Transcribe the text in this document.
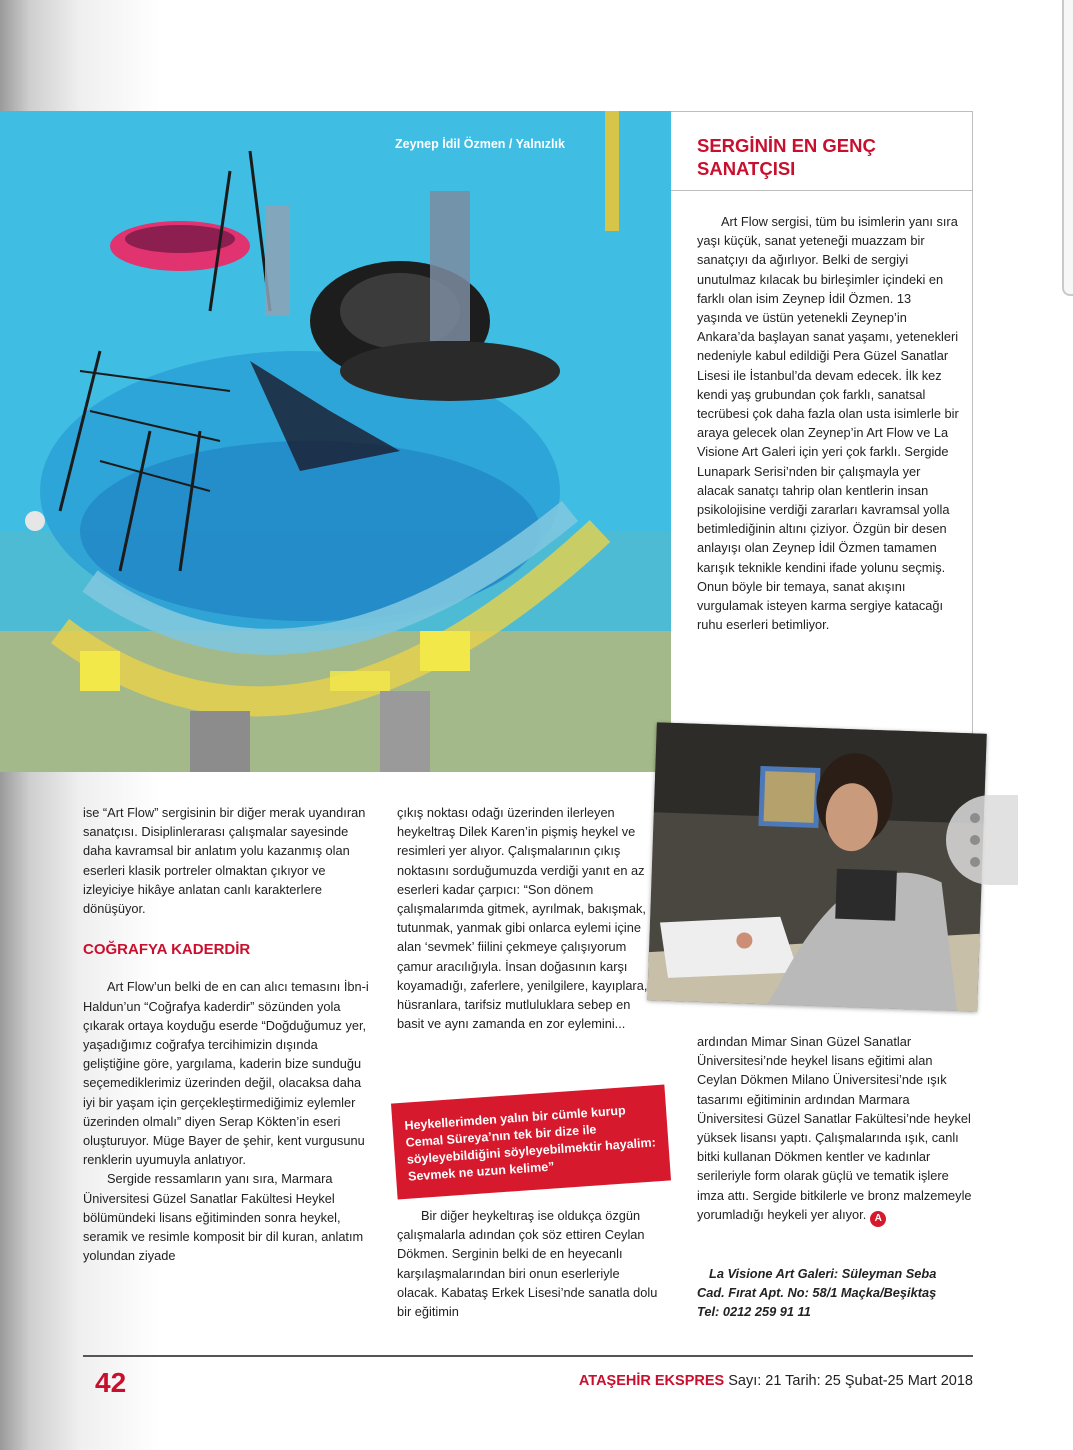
Zeynep İdil Özmen / Yalnızlık	SERGİNİN EN GENÇ SANATÇISI
Art Flow sergisi, tüm bu isimlerin yanı sıra yaşı küçük, sanat yeteneği muazzam bir sanatçıyı da ağırlıyor. Belki de sergiyi unutulmaz kılacak bu birleşimler içindeki en farklı olan isim Zeynep İdil Özmen. 13 yaşında ve üstün yetenekli Zeynep’in Ankara’da başlayan sanat yaşamı, yetenekleri nedeniyle kabul edildiği Pera Güzel Sanatlar Lisesi ile İstanbul’da devam edecek. İlk kez kendi yaş grubundan çok farklı, sanatsal tecrübesi çok daha fazla olan usta isimlerle bir araya gelecek olan Zeynep’in Art Flow ve La Visione Art Galeri için yeri çok farklı. Sergide Lunapark Serisi’nden bir çalışmayla yer alacak sanatçı tahrip olan kentlerin insan psikolojisine verdiği zararları kavramsal yolla betimlediğinin altını çiziyor. Özgün bir desen anlayışı olan Zeynep İdil Özmen tamamen karışık teknikle kendini ifade yolunu seçmiş. Onun böyle bir temaya, sanat akışını vurgulamak isteyen karma sergiye katacağı ruhu eserleri betimliyor.

ise “Art Flow” sergisinin bir diğer merak uyandıran sanatçısı. Disiplinlerarası çalışmalar sayesinde daha kavramsal bir anlatım yolu kazanmış olan eserleri klasik portreler olmaktan çıkıyor ve izleyiciye hikâye anlatan canlı karakterlere dönüşüyor.

COĞRAFYA KADERDİR

Art Flow’un belki de en can alıcı temasını İbn-i Haldun’un “Coğrafya kaderdir” sözünden yola çıkarak ortaya koyduğu eserde “Doğduğumuz yer, yaşadığımız coğrafya tercihimizin dışında geliştiğine göre, yargılama, kaderin bize sunduğu seçemediklerimiz üzerinden değil, olacaksa daha iyi bir yaşam için gerçekleştirmediğimiz eylemler üzerinden olmalı” diyen Serap Kökten’in eseri oluşturuyor. Müge Bayer de şehir, kent vurgusunu renklerin uyumuyla anlatıyor.

Sergide ressamların yanı sıra, Marmara Üniversitesi Güzel Sanatlar Fakültesi Heykel bölümündeki lisans eğitiminden sonra heykel, seramik ve resimle komposit bir dil kuran, anlatım yolundan ziyade

çıkış noktası odağı üzerinden ilerleyen heykeltraş Dilek Karen’in pişmiş heykel ve resimleri yer alıyor. Çalışmalarının çıkış noktasını sorduğumuzda verdiği yanıt en az eserleri kadar çarpıcı: “Son dönem çalışmalarımda gitmek, ayrılmak, bakışmak, tutunmak, yanmak gibi onlarca eylemi içine alan ‘sevmek’ fiilini çekmeye çalışıyorum çamur aracılığıyla. İnsan doğasının karşı koyamadığı, zaferlere, yenilgilere, kayıplara, hüsranlara, tarifsiz mutluluklara sebep en basit ve aynı zamanda en zor eylemini...

Heykellerimden yalın bir cümle kurup Cemal Süreya’nın tek bir dize ile söyleyebildiğini söyleyebilmektir hayalim: Sevmek ne uzun kelime”

Bir diğer heykeltıraş ise oldukça özgün çalışmalarla adından çok söz ettiren Ceylan Dökmen. Serginin belki de en heyecanlı karşılaşmalarından biri onun eserleriyle olacak. Kabataş Erkek Lisesi’nde sanatla dolu bir eğitimin

ardından Mimar Sinan Güzel Sanatlar Üniversitesi’nde heykel lisans eğitimi alan Ceylan Dökmen Milano Üniversitesi’nde ışık tasarımı eğitiminin ardından Marmara Üniversitesi Güzel Sanatlar Fakültesi’nde heykel yüksek lisansı yaptı. Çalışmalarında ışık, canlı bitki kullanan Dökmen kentler ve kadınlar serileriyle form olarak güçlü ve tematik işlere imza attı. Sergide bitkilerle ve bronz malzemeyle yorumladığı heykeli yer alıyor. A

La Visione Art Galeri: Süleyman Seba
Cad. Fırat Apt. No: 58/1 Maçka/Beşiktaş
Tel: 0212 259 91 11
42	ATAŞEHİR EKSPRES Sayı: 21 Tarih: 25 Şubat-25 Mart 2018
